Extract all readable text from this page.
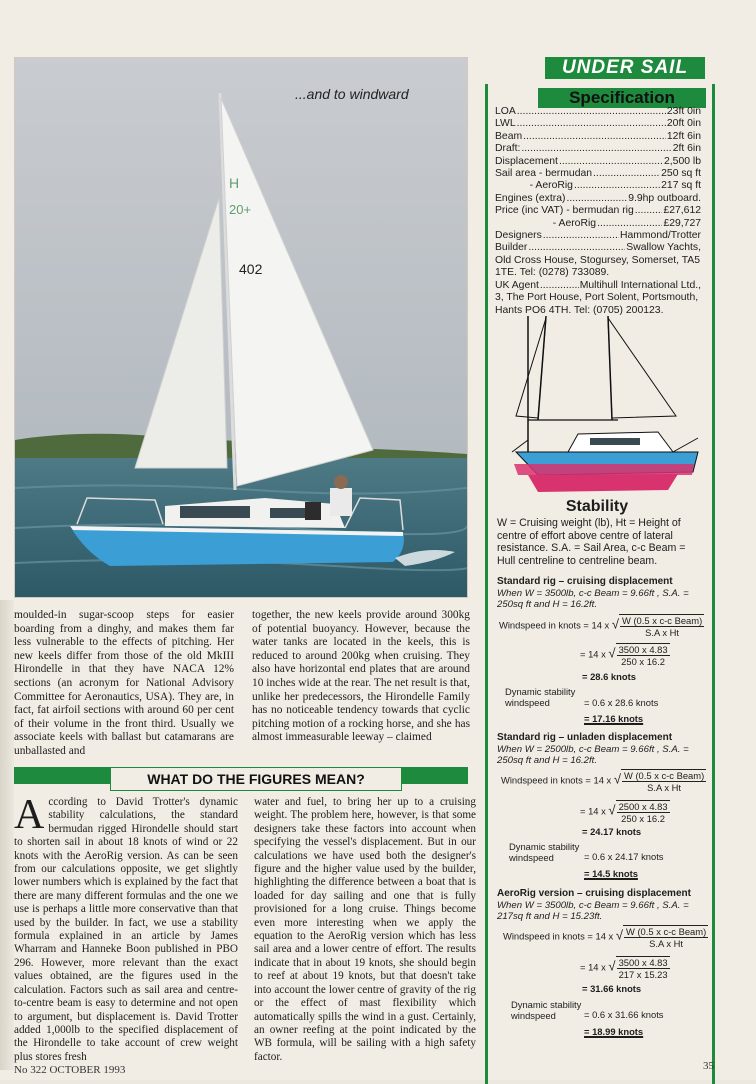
H
20+
402
...and to windward
UNDER SAIL
Specification
LOA .....	23ft 0in
LWL .....	20ft 0in
Beam .....	12ft 6in
Draft: .....	2ft 6in
Displacement .....	2,500 lb
Sail area - bermudan .....	250 sq ft
- AeroRig .....	217 sq ft
Engines (extra) .....	9.9hp outboard.
Price (inc VAT) - bermudan rig .....	£27,612
- AeroRig .....	£29,727
Designers .....	Hammond/Trotter
Builder .....	Swallow Yachts,
Old Cross House, Stogursey, Somerset, TA5 1TE. Tel: (0278) 733089.
UK Agent .....	Multihull International Ltd.,
3, The Port House, Port Solent, Portsmouth, Hants PO6 4TH. Tel: (0705) 200123.
Stability
W = Cruising weight (lb), Ht = Height of centre of effort above centre of lateral resistance. S.A. = Sail Area, c-c Beam = Hull centreline to centreline beam.
Standard rig – cruising displacement
When W = 3500lb, c-c Beam = 9.66ft , S.A. = 250sq ft and H = 16.2ft.
Windspeed in knots = 14 x √ $\frac{\text{W (0.5 x c-c Beam)}}{\text{S.A x Ht}}$
= 14 x √ $\frac{3500 x 4.83}{250 x 16.2}$
= 28.6 knots
Dynamic stability
windspeed	= 0.6 x 28.6 knots
= 17.16 knots
Standard rig – unladen displacement
When W = 2500lb, c-c Beam = 9.66ft , S.A. = 250sq ft and H = 16.2ft.
Windspeed in knots = 14 x √ $\frac{\text{W (0.5 x c-c Beam)}}{\text{S.A x Ht}}$
= 14 x √ $\frac{2500 x 4.83}{250 x 16.2}$
= 24.17 knots
Dynamic stability
windspeed	= 0.6 x 24.17 knots
= 14.5 knots
AeroRig version – cruising displacement
When W = 3500lb, c-c Beam = 9.66ft , S.A. = 217sq ft and H = 15.23ft.
Windspeed in knots = 14 x √ $\frac{\text{W (0.5 x c-c Beam)}}{\text{S.A x Ht}}$
= 14 x √ $\frac{3500 x 4.83}{217 x 15.23}$
= 31.66 knots
Dynamic stability
windspeed	= 0.6 x 31.66 knots
= 18.99 knots

moulded-in sugar-scoop steps for easier boarding from a dinghy, and makes them far less vulnerable to the effects of pitching. Her new keels differ from those of the old MkIII Hirondelle in that they have NACA 12% sections (an acronym for National Advisory Committee for Aeronautics, USA). They are, in fact, fat airfoil sections with around 60 per cent of their volume in the front third. Usually we associate keels with ballast but catamarans are unballasted and

together, the new keels provide around 300kg of potential buoyancy. However, because the water tanks are located in the keels, this is reduced to around 200kg when cruising. They also have horizontal end plates that are around 10 inches wide at the rear. The net result is that, unlike her predecessors, the Hirondelle Family has no noticeable tendency towards that cyclic pitching motion of a rocking horse, and she has almost immeasurable leeway – claimed

WHAT DO THE FIGURES MEAN?
A ccording to David Trotter's dynamic stability calculations, the standard bermudan rigged Hirondelle should start to shorten sail in about 18 knots of wind or 22 knots with the AeroRig version. As can be seen from our calculations opposite, we get slightly lower numbers which is explained by the fact that there are many different formulas and the one we use is perhaps a little more conservative than that used by the builder. In fact, we use a stability formula explained in an article by James Wharram and Hanneke Boon published in PBO 296. However, more relevant than the exact values obtained, are the figures used in the calculation. Factors such as sail area and centre-to-centre beam is easy to determine and not open to argument, but displacement is. David Trotter added 1,000lb to the specified displacement of the Hirondelle to take account of crew weight plus stores fresh

water and fuel, to bring her up to a cruising weight. The problem here, however, is that some designers take these factors into account when specifying the vessel's displacement. But in our calculations we have used both the designer's figure and the higher value used by the builder, highlighting the difference between a boat that is loaded for day sailing and one that is fully provisioned for a long cruise. Things become even more interesting when we apply the equation to the AeroRig version which has less sail area and a lower centre of effort. The results indicate that in about 19 knots, she should begin to reef at about 19 knots, but that doesn't take into account the lower centre of gravity of the rig or the effect of mast flexibility which automatically spills the wind in a gust. Certainly, an owner reefing at the point indicated by the WB formula, will be sailing with a high safety factor.

No 322 OCTOBER 1993	35
